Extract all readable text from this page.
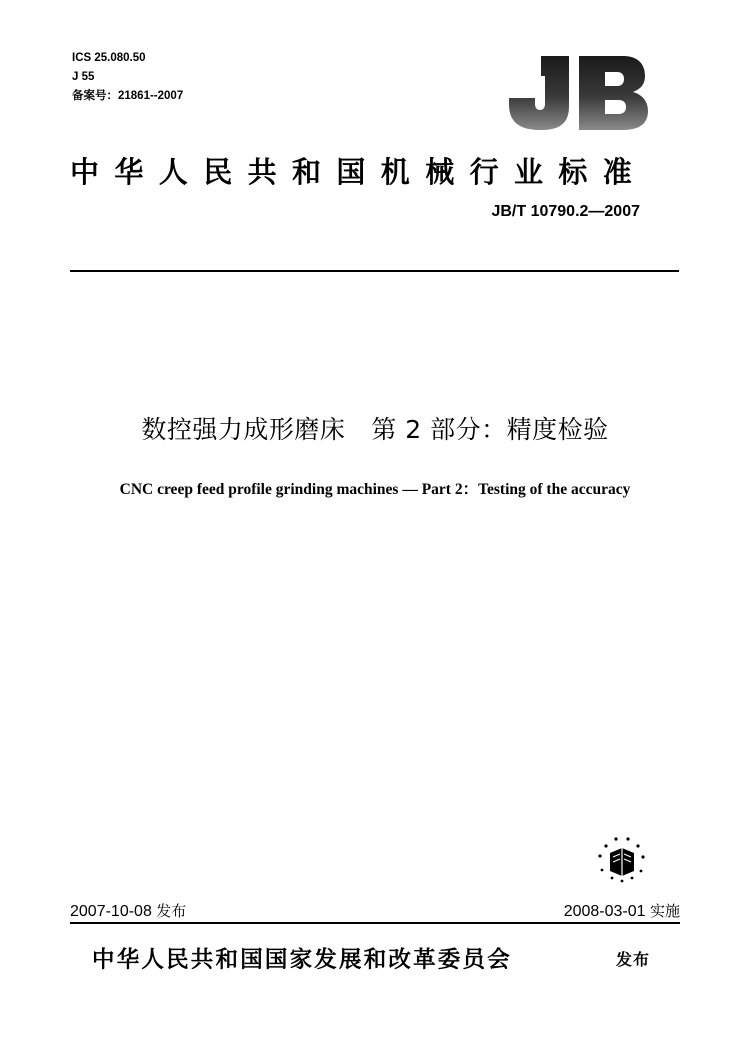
ICS 25.080.50
J 55
备案号：21861--2007
中华人民共和国机械行业标准
JB/T 10790.2—2007
数控强力成形磨床 第 2 部分：精度检验
CNC creep feed profile grinding machines — Part 2：Testing of the accuracy
2007-10-08 发布	2008-03-01 实施
中华人民共和国国家发展和改革委员会	发布
